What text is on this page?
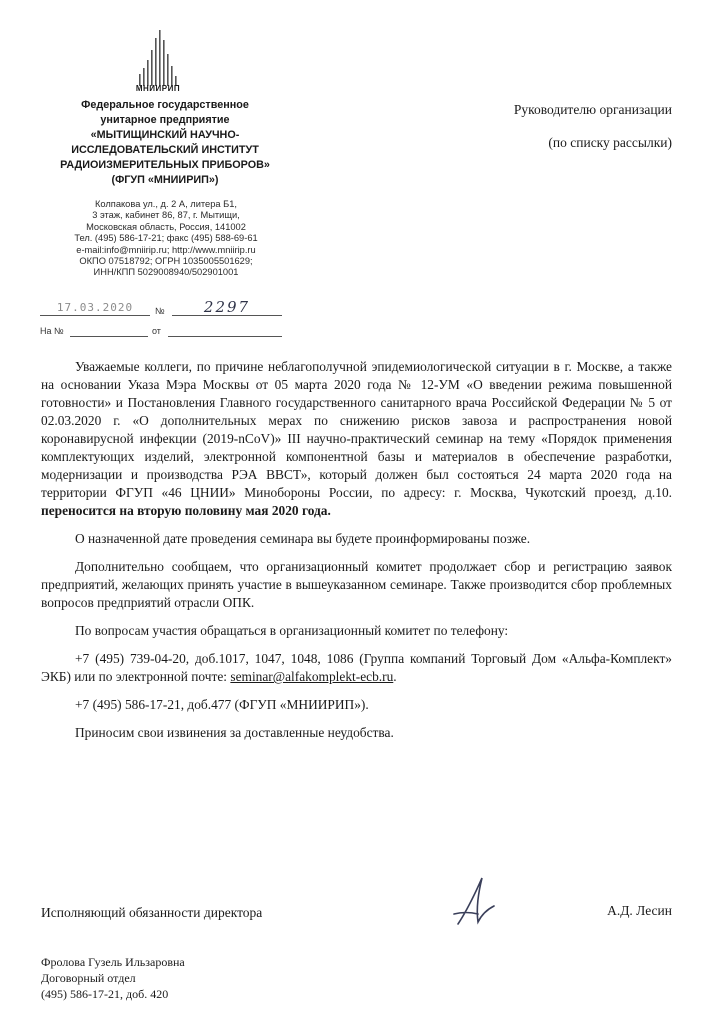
МНИИРИП
Федеральное государственное
унитарное предприятие
«МЫТИЩИНСКИЙ НАУЧНО-
ИССЛЕДОВАТЕЛЬСКИЙ ИНСТИТУТ
РАДИОИЗМЕРИТЕЛЬНЫХ ПРИБОРОВ»
(ФГУП «МНИИРИП»)
Колпакова ул., д. 2 А, литера Б1,
3 этаж, кабинет 86, 87, г. Мытищи,
Московская область, Россия, 141002
Тел. (495) 586-17-21; факс (495) 588-69-61
e-mail:info@mniirip.ru; http://www.mniirip.ru
ОКПО 07518792; ОГРН 1035005501629;
ИНН/КПП 5029008940/502901001
17.03.2020	№	2297
На №	от
Руководителю организации
(по списку рассылки)

Уважаемые коллеги, по причине неблагополучной эпидемиологической ситуации в г. Москве, а также на основании Указа Мэра Москвы от 05 марта 2020 года № 12-УМ «О введении режима повышенной готовности» и Постановления Главного государственного санитарного врача Российской Федерации № 5 от 02.03.2020 г. «О дополнительных мерах по снижению рисков завоза и распространения новой коронавирусной инфекции (2019-nCoV)» III научно-практический семинар на тему «Порядок применения комплектующих изделий, электронной компонентной базы и материалов в обеспечение разработки, модернизации и производства РЭА ВВСТ», который должен был состояться 24 марта 2020 года на территории ФГУП «46 ЦНИИ» Минобороны России, по адресу: г. Москва, Чукотский проезд, д.10. переносится на вторую половину мая 2020 года.

О назначенной дате проведения семинара вы будете проинформированы позже.

Дополнительно сообщаем, что организационный комитет продолжает сбор и регистрацию заявок предприятий, желающих принять участие в вышеуказанном семинаре. Также производится сбор проблемных вопросов предприятий отрасли ОПК.

По вопросам участия обращаться в организационный комитет по телефону:

+7 (495) 739-04-20, доб.1017, 1047, 1048, 1086 (Группа компаний Торговый Дом «Альфа-Комплект» ЭКБ) или по электронной почте: seminar@alfakomplekt-ecb.ru.

+7 (495) 586-17-21, доб.477 (ФГУП «МНИИРИП»).

Приносим свои извинения за доставленные неудобства.

Исполняющий обязанности директора	А.Д. Лесин
Фролова Гузель Ильзаровна
Договорный отдел
(495) 586-17-21, доб. 420
